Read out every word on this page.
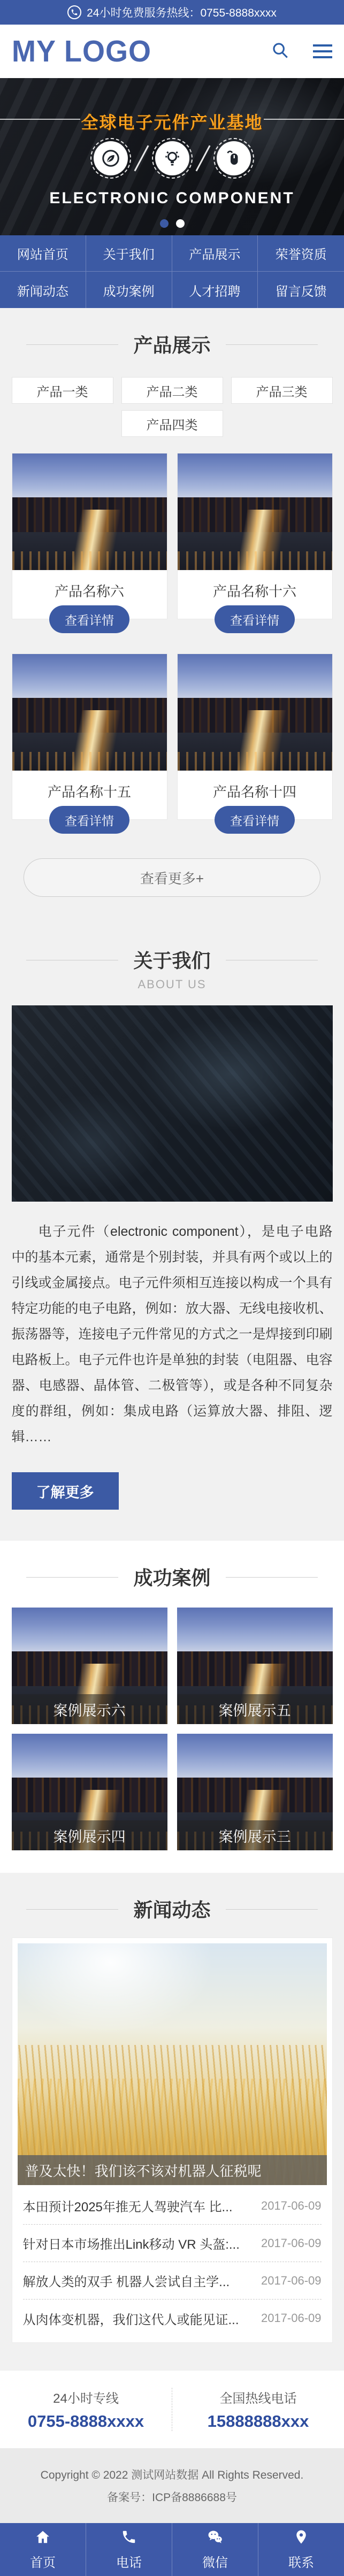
24小时免费服务热线：0755-8888xxxx
MY LOGO
全球电子元件产业基地
ELECTRONIC COMPONENT
网站首页	关于我们	产品展示	荣誉资质
新闻动态	成功案例	人才招聘	留言反馈
产品展示
产品一类	产品二类	产品三类
产品四类
产品名称六
查看详情
产品名称十六
查看详情
产品名称十五
查看详情
产品名称十四
查看详情
查看更多+
关于我们
ABOUT US

电子元件（electronic component），是电子电路中的基本元素，通常是个别封装，并具有两个或以上的引线或金属接点。电子元件须相互连接以构成一个具有特定功能的电子电路，例如：放大器、无线电接收机、振荡器等，连接电子元件常见的方式之一是焊接到印刷电路板上。电子元件也许是单独的封装（电阻器、电容器、电感器、晶体管、二极管等），或是各种不同复杂度的群组，例如：集成电路（运算放大器、排阻、逻辑……

了解更多
成功案例
案例展示六	案例展示五
案例展示四	案例展示三
新闻动态
普及太快！我们该不该对机器人征税呢
本田预计2025年推无人驾驶汽车 比... 2017-06-09
针对日本市场推出Link移动 VR 头盔:... 2017-06-09
解放人类的双手 机器人尝试自主学...	2017-06-09
从肉体变机器，我们这代人或能见证... 2017-06-09
24小时专线
0755-8888xxxx
全国热线电话
15888888xxx
Copyright © 2022 测试网站数据 All Rights Reserved.
备案号：ICP备8886688号
首页	电话	微信	联系
